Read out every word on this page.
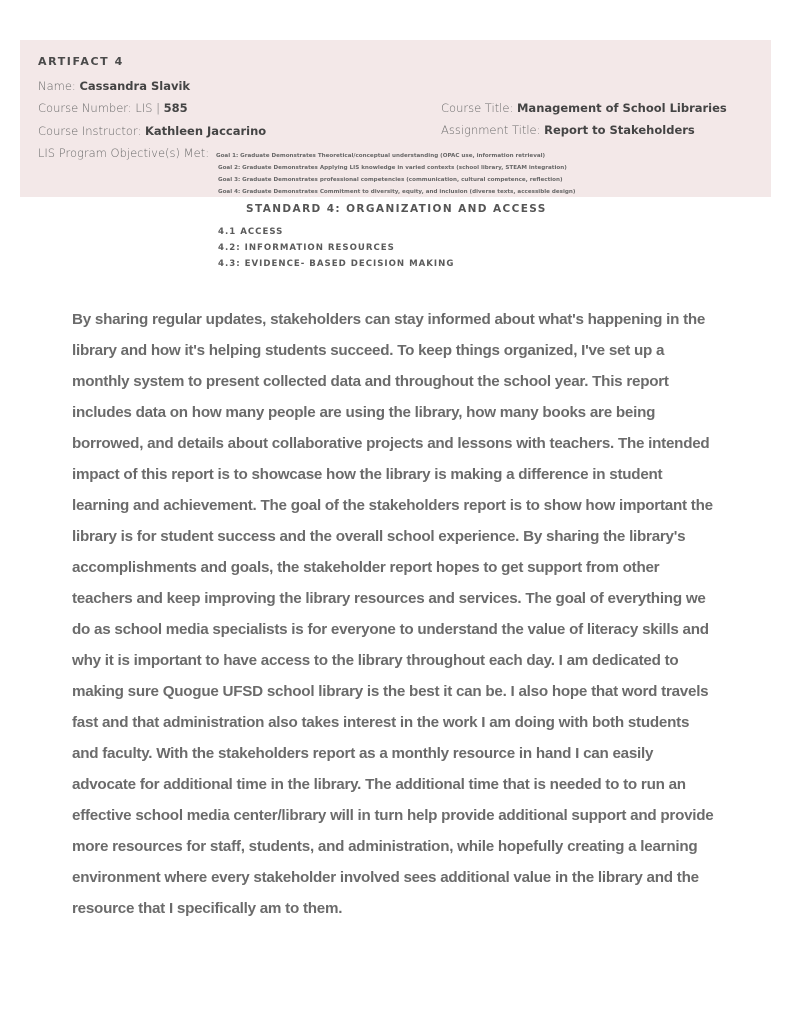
ARTIFACT 4
Name: Cassandra Slavik
Course Number: LIS | 585
Course Instructor: Kathleen Jaccarino
LIS Program Objective(s) Met:
Course Title: Management of School Libraries
Assignment Title: Report to Stakeholders
Goal 1: Graduate Demonstrates Theoretical/conceptual understanding (OPAC use, information retrieval)
Goal 2: Graduate Demonstrates Applying LIS knowledge in varied contexts (school library, STEAM integration)
Goal 3: Graduate Demonstrates professional competencies (communication, cultural competence, reflection)
Goal 4: Graduate Demonstrates Commitment to diversity, equity, and inclusion (diverse texts, accessible design)
STANDARD 4: ORGANIZATION AND ACCESS
4.1 ACCESS
4.2: INFORMATION RESOURCES
4.3: EVIDENCE- BASED DECISION MAKING
By sharing regular updates, stakeholders can stay informed about what's happening in the
library and how it's helping students succeed. To keep things organized, I've set up a
monthly system to present collected data and throughout the school year. This report
includes data on how many people are using the library, how many books are being
borrowed, and details about collaborative projects and lessons with teachers. The intended
impact of this report is to showcase how the library is making a difference in student
learning and achievement. The goal of the stakeholders report is to show how important the
library is for student success and the overall school experience. By sharing the library's
accomplishments and goals, the stakeholder report hopes to get support from other
teachers and keep improving the library resources and services. The goal of everything we
do as school media specialists is for everyone to understand the value of literacy skills and
why it is important to have access to the library throughout each day. I am dedicated to
making sure Quogue UFSD school library is the best it can be. I also hope that word travels
fast and that administration also takes interest in the work I am doing with both students
and faculty. With the stakeholders report as a monthly resource in hand I can easily
advocate for additional time in the library. The additional time that is needed to to run an
effective school media center/library will in turn help provide additional support and provide
more resources for staff, students, and administration, while hopefully creating a learning
environment where every stakeholder involved sees additional value in the library and the
resource that I specifically am to them.
